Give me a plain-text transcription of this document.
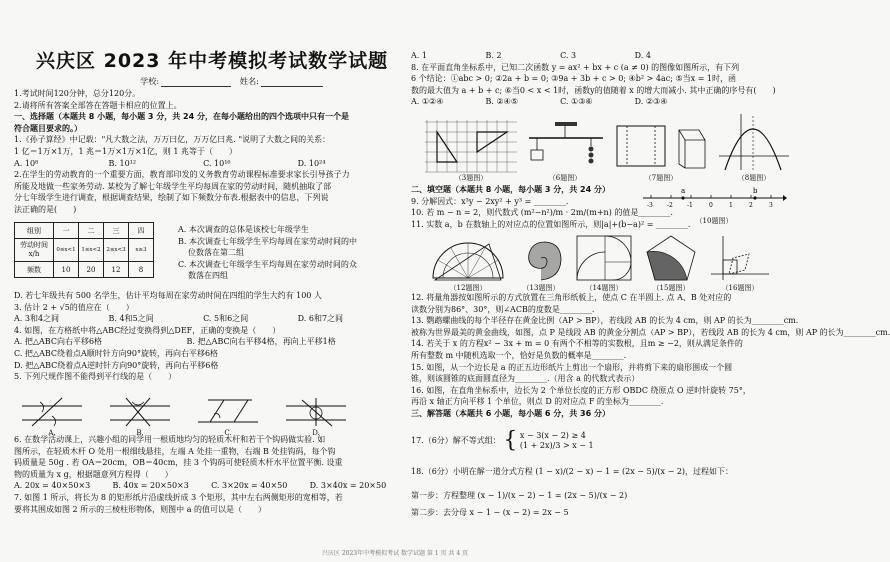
兴庆区 2023 年中考模拟考试数学试题
学校:	姓名:

1.考试时间120分钟，总分120分。

2.请将所有答案全部答在答题卡相应的位置上。

一、选择题（本题共 8 小题，每小题 3 分，共 24 分，在每小题给出的四个选项中只有一个是

符合题目要求的。）

1.《孙子算经》中记载："凡大数之法，万万曰亿，万万亿曰兆. "说明了大数之间的关系：

1 亿＝1万×1万，1 兆＝1万×1万×1亿，则 1 兆等于（　　）

A. 10⁸	B. 10¹²	C. 10¹⁶	D. 10²⁴

2.在学生的劳动教育的一个重要方面，教育部印发的义务教育劳动课程标准要求家长引导孩子力

所能及地做一些家务劳动. 某校为了解七年级学生平均每周在家的劳动时间，随机抽取了部

分七年级学生进行调查，根据调查结果，绘制了如下频数分布表.根据表中的信息，下列说

法正确的是(　　)

组别	一	二	三	四
劳动时间
x/h	0≤x<1	1≤x<2	2≤x<3	x≥3
频数	10	20	12	8

A. 本次调查的总体是该校七年级学生

B. 本次调查七年级学生平均每周在家劳动时间的中

位数落在第二组

C. 本次调查七年级学生平均每周在家劳动时间的众

数落在四组

D. 若七年级共有 500 名学生，估计平均每周在家劳动时间在四组的学生大约有 100 人

3. 估计 2 + √5的值应在（　　）

A. 3和4之间	B. 4和5之间	C. 5和6之间	D. 6和7之间

4. 如图，在方格纸中将△ABC经过变换得到△DEF，正确的变换是（　　）

A. 把△ABC向右平移6格	B. 把△ABC向右平移4格，再向上平移1格

C. 把△ABC绕着点A顺时针方向90°旋转，再向右平移6格

D. 把△ABC绕着点A逆时针方向90°旋转，再向右平移6格

5. 下列尺规作图不能得到平行线的是（　　）

A.	B.	C.	D.

6. 在数学活动课上，兴趣小组的同学用一根质地均匀的轻质木杆和若干个钩码做实验. 如

图所示，在轻质木杆 O 处用一根细线悬挂，左端 A 处挂一重物，右端 B 处挂钩码，每个钩

码质量是 50g . 若 OA＝20cm，OB＝40cm，挂 3 个钩码可使轻质木杆水平位置平衡. 设重

物的质量为 x g，根据题意列方程得（　　）

A. 20x = 40×50×3	B. 40x = 20×50×3	C. 3×20x = 40×50	D. 3×40x = 20×50

7. 如图 1 所示，将长为 8 的矩形纸片沿虚线折成 3 个矩形，其中左右两侧矩形的宽相等，若

要将其围成如图 2 所示的三棱柱形物体，则图中 a 的值可以是（　　）

A. 1	B. 2	C. 3	D. 4

8. 在平面直角坐标系中，已知二次函数 y = ax² + bx + c (a ≠ 0) 的图像如图所示，有下列

6 个结论：①abc > 0; ②2a + b = 0; ③9a + 3b + c > 0; ④b² > 4ac; ⑤当x = 1时，函

数的最大值为 a + b + c; ⑥当0 < x < 1时，函数y的值随着 x 的增大而减小. 其中正确的序号有(　　)

A. ①②④	B. ②④⑤	C. ①③⑥	D. ②③④

（3题图）	（6题图）	（7题图）	（8题图）

二、填空题（本题共 8 小题，每小题 3 分，共 24 分）

9. 分解因式：x³y − 2xy² + y³ = ________.

10. 若 m − n = 2，则代数式 (m²−n²)/m · 2m/(m+n) 的值是________.

11. 实数 a，b 在数轴上的对应点的位置如图所示，则|a|+(b−a)² = ________.

a	b
-3 -2 -1	0	1	2	3
（10题图）
（12题图）	（13题图）	（14题图）	（15题图）	（16题图）

12. 将量角器按如图所示的方式放置在三角形纸板上，使点 C 在半圆上. 点 A、B 处对应的

读数分别为86°、30°，则∠ACB的度数是________.

13. 鹦鹉螺曲线的每个半径存在黄金比例（AP > BP），若线段 AB 的长为 4 cm，则 AP 的长为________cm.

被称为世界最美的黄金曲线，如图，点 P 是线段 AB 的黄金分割点（AP > BP），若线段 AB 的长为 4 cm，则 AP 的长为________cm.

14. 若关于 x 的方程x² − 3x + m = 0 有两个不相等的实数根，且m ≥ −2，则从满足条件的

所有整数 m 中随机选取一个，恰好是负数的概率是________.

15. 如图，从一个边长是 a 的正五边形纸片上剪出一个扇形，并将剪下来的扇形围成一个圆

锥，则该圆锥的底面圆直径为________.（用含 a 的代数式表示）

16. 如图，在直角坐标系中，边长为 2 个单位长度的正方形 OBDC 绕原点 O 逆时针旋转 75°，

再沿 x 轴正方向平移 1 个单位，则点 D 的对应点 F 的坐标为________.

三、解答题（本题共 6 小题，每小题 6 分，共 36 分）

17.（6分）解不等式组： { x − 3(x − 2) ≥ 4
(1 + 2x)/3 > x − 1

18.（6分）小明在解一道分式方程 (1 − x)/(2 − x) − 1 = (2x − 5)/(x − 2)，过程如下：

第一步：方程整理 (x − 1)/(x − 2) − 1 = (2x − 5)/(x − 2)

第二步：去分母 x − 1 − (x − 2) = 2x − 5

兴庆区 2023年中考模拟考试 数学试题 第 1 页 共 4 页
